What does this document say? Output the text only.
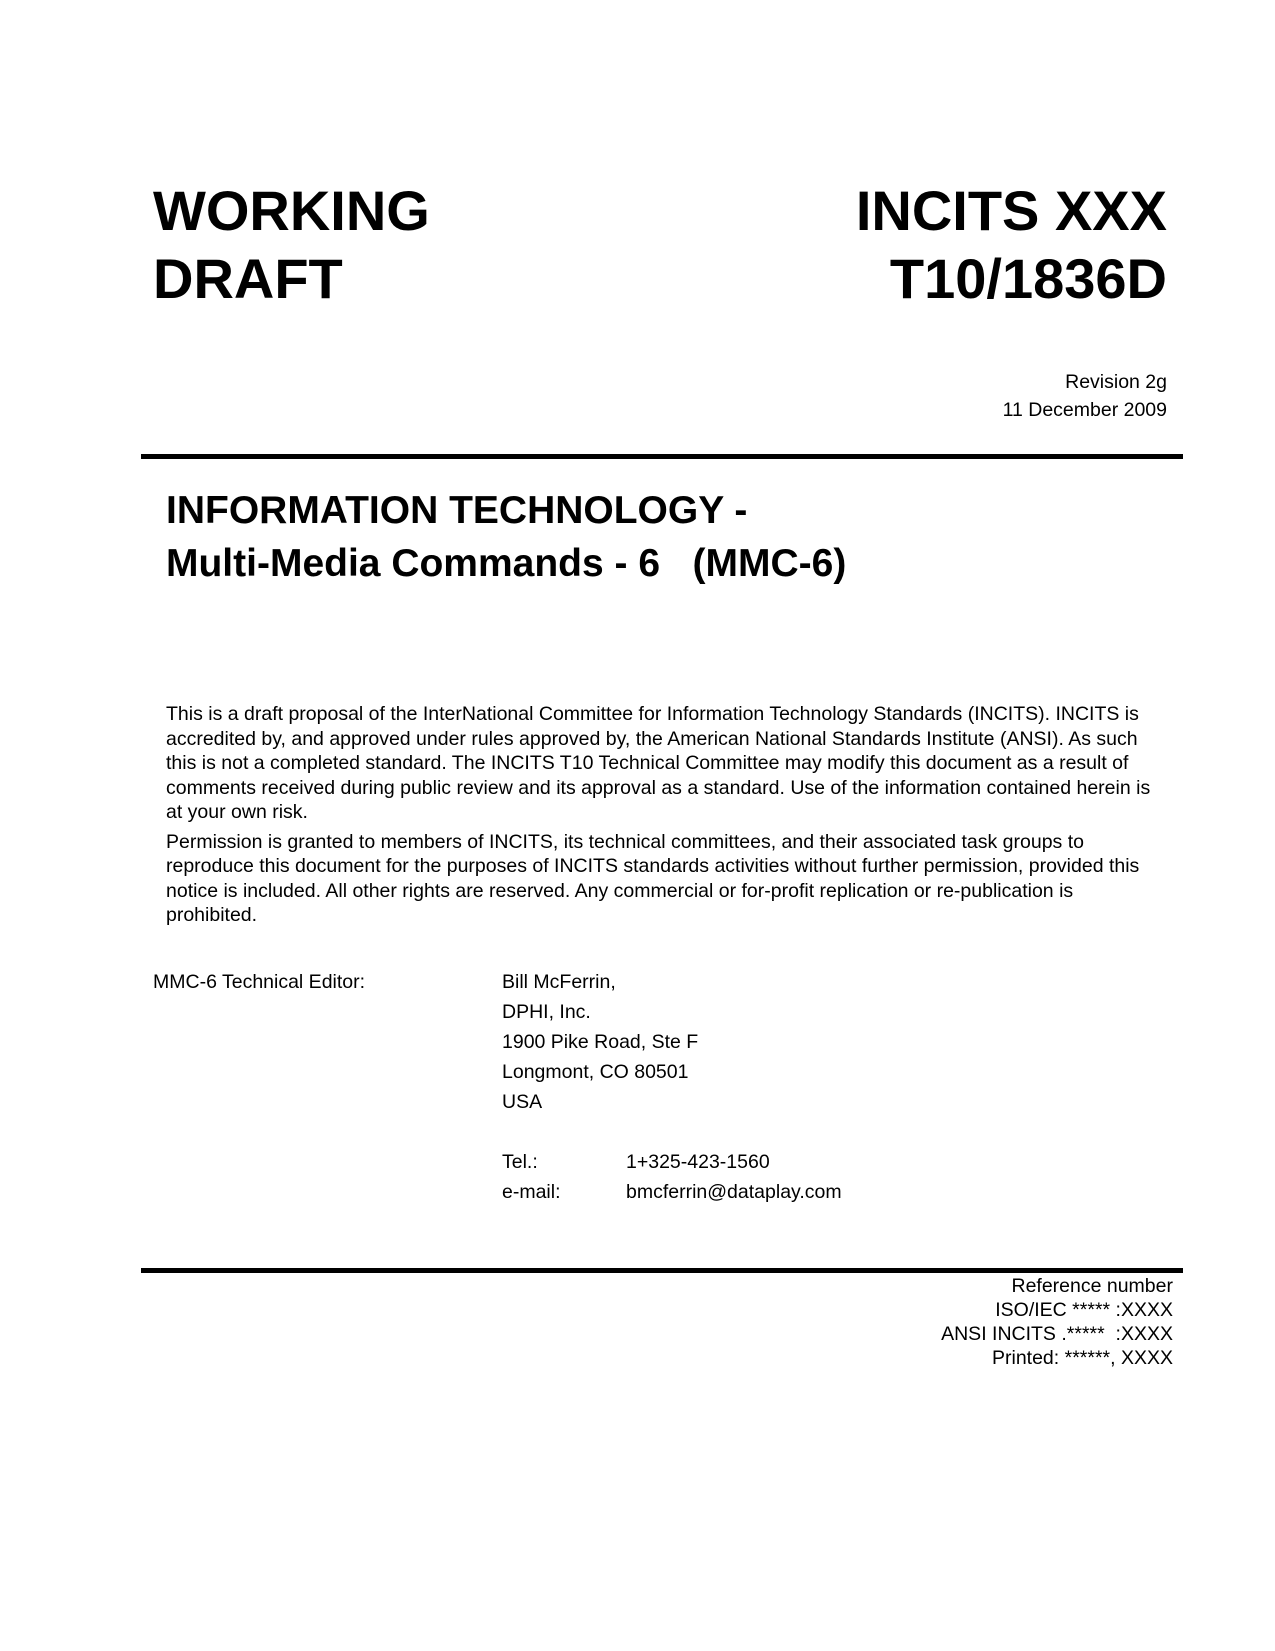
WORKING
DRAFT
INCITS XXX
T10/1836D
Revision 2g
11 December 2009
INFORMATION TECHNOLOGY -
Multi-Media Commands - 6   (MMC-6)

This is a draft proposal of the InterNational Committee for Information Technology Standards (INCITS). INCITS is accredited by, and approved under rules approved by, the American National Standards Institute (ANSI). As such this is not a completed standard. The INCITS T10 Technical Committee may modify this document as a result of comments received during public review and its approval as a standard. Use of the information contained herein is at your own risk.

Permission is granted to members of INCITS, its technical committees, and their associated task groups to reproduce this document for the purposes of INCITS standards activities without further permission, provided this notice is included. All other rights are reserved. Any commercial or for-profit replication or re-publication is prohibited.

MMC-6 Technical Editor:	Bill McFerrin,
DPHI, Inc.
1900 Pike Road, Ste F
Longmont, CO 80501
USA
Tel.:	1+325-423-1560
e-mail:	bmcferrin@dataplay.com
Reference number
ISO/IEC ***** :XXXX
ANSI INCITS .*****  :XXXX
Printed: ******, XXXX
